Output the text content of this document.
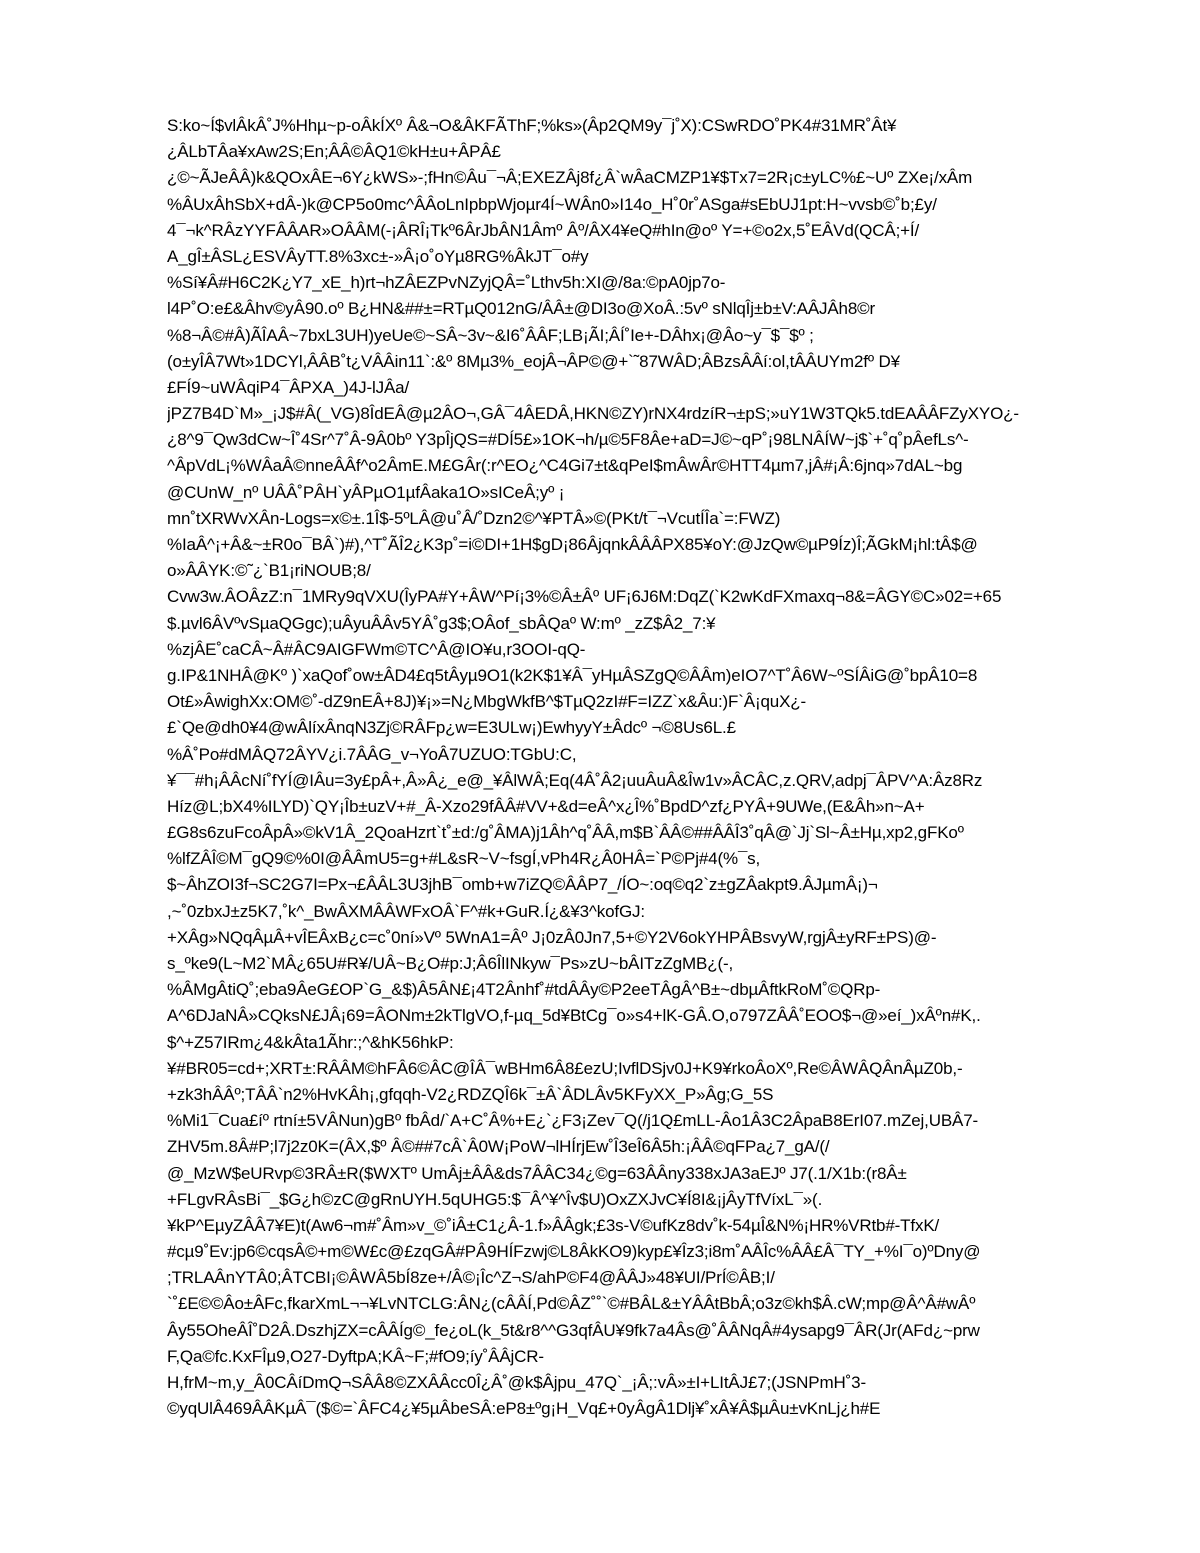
S:ko~Í$vlÂkÂ˚J%Hhµ~p-oÂkÍXº Â&¬O&ÂKFÃThF;%ks»(Âp2QM9y¯j˚X):CSwRDO˚PK4#31MR˚Ât¥
¿ÂLbTÂa¥xAw2S;En;ÂÂ©ÂQ1©kH±u+ÂPÂ£
¿©~ÃJeÂÂ)k&QOxÂE¬6Y¿kWS»-;fHn©Âu¯¬Â;EXEZÂj8f¿Â`wÂaCMZP1¥$Tx7=2R¡c±yLC%£~Uº ZXe¡/xÂm
%ÂUxÂhSbX+dÂ-)k@CP5o0mc^ÂÂoLnIpbpWjoµr4Í~WÂn0»I14o_H˚0r˚ASga#sEbUJ1pt:H~vvsb©˚b;£y/
4¯¬k^RÂzYYFÂÂAR»OÂÂM(-¡ÂRÎ¡Tkº6ÂrJbÂN1Âmº Âº/ÂX4¥eQ#hIn@oº Y=+©o2x,5˚EÂVd(QCÂ;+Í/
A_gÎ±ÂSL¿ESVÂyTT.8%3xc±-»Â¡o˚oYµ8RG%ÂkJT¯o#y
%Sí¥Â#H6C2K¿Y7_xE_h)rt¬hZÂEZPvNZyjQÂ=˚Lthv5h:XI@/8a:©pA0jp7o-
l4P˚O:e£&Âhv©yÂ90.oº B¿HN&##±=RTµQ012nG/ÂÂ±@DI3o@XoÂ.:5vº sNlqÎj±b±V:AÂJÂh8©r
%8¬Â©#Â)ÃÎAÂ~7bxL3UH)yeUe©~SÂ~3v~&I6˚ÂÂF;LB¡ÃI;ÂÍ˚Ie+-DÂhx¡@Âo~y¯$¯$º ;
(o±yÎÂ7Wt»1DCYl,ÂÂB˚t¿VÂÂin11`:&º 8Mµ3%_eojÂ¬ÂP©@+`˜87WÂD;ÂBzsÂÂí:ol,tÂÂUYm2fº D¥
£FÍ9~uWÂqiP4¯ÂPXA_)4J-lJÂa/
jPZ7B4D`M»_¡J$#Â(_VG)8ÎdEÂ@µ2ÂO¬,GÂ¯4ÂEDÂ,HKN©ZY)rNX4rdzíR¬±pS;»uY1W3TQk5.tdEAÂÂFZyXYO¿-
¿8^9¯Qw3dCw~Î˚4Sr^7˚Â-9Â0bº Y3pÎjQS=#DÍ5£»1OK¬h/µ©5F8Âe+aD=J©~qP˚¡98LNÂÍW~j$`+˚q˚pÂefLs^-
^ÂpVdL¡%WÂaÂ©nneÂÂf^o2ÂmE.M£GÂr(:r^EO¿^C4Gi7±t&qPeI$mÂwÂr©HTT4µm7,jÂ#¡Â:6jnq»7dAL~bg
@CUnW_nº UÂÂ˚PÂH`yÂPµO1µfÂaka1O»sICeÂ;yº ¡
mn˚tXRWvXÂn-Logs=x©±.1Î$-5ºLÂ@u˚Â/˚Dzn2©^¥PTÂ»©(PKt/t¯¬VcutÍÎa`=:FWZ)
%IaÂ^¡+Â&~±R0o¯BÂ`)#),^T˚ÃÎ2¿K3p˚=i©DI+1H$gD¡86ÂjqnkÂÂÂPX85¥oY:@JzQw©µP9Íz)Î;ÃGkM¡hl:tÂ$@
o»ÂÂYK:©˜¿`B1¡riNOUB;8/
Cvw3w.ÂOÂzZ:n¯1MRy9qVXU(ÎyPA#Y+ÂW^Pí¡3%©Â±Âº UF¡6J6M:DqZ(`K2wKdFXmaxq¬8&=ÂGY©C»02=+65
$.µvl6ÂVºvSµaQGgc);uÂyuÂÂv5YÂ˚g3$;OÂof_sbÂQaº W:mº _zZ$Â2_7:¥
%zjÂE˚caCÂ~Â#ÂC9AIGFWm©TC^Â@IO¥u,r3OOI-qQ-
g.IP&1NHÂ@Kº )`xaQof˚ow±ÂD4£q5tÂyµ9O1(k2K$1¥Â¯yHµÂSZgQ©ÂÂm)eIO7^T˚Â6W~ºSÍÂiG@˚bpÂ10=8
Ot£»ÂwighXx:OM©˚-dZ9nEÂ+8J)¥¡»=N¿MbgWkfB^$TµQ2zI#F=IZZ`x&Âu:)F`Â¡quX¿-
£`Qe@dh0¥4@wÂlíxÂnqN3Zj©RÂFp¿w=E3ULw¡)EwhyyY±Âdcº ¬©8Us6L.£
%Â˚Po#dMÂQ72ÂYV¿i.7ÂÂG_v¬YoÂ7UZUO:TGbU:C,
¥¯¯#h¡ÂÂcNí˚fYÍ@IÂu=3y£pÂ+,Â»Â¿_e@_¥ÂlWÂ;Eq(4Â˚Â2¡uuÂuÂ&Îw1v»ÂCÂC,z.QRV,adpj¯ÂPV^A:Âz8Rz
Híz@L;bX4%ILYD)`QY¡Îb±uzV+#_Â-Xzo29fÂÂ#VV+&d=eÂ^x¿Î%˚BpdD^zf¿PYÂ+9UWe,(E&Âh»n~A+
£G8s6zuFcoÂpÂ»©kV1Â_2QoaHzrt`t˚±d:/g˚ÂMA)j1Âh^q˚ÂÂ,m$B`ÂÂ©##ÂÂÎ3˚qÂ@`Jj`Sl~Â±Hµ,xp2,gFKoº
%lfZÂÎ©M¯gQ9©%0I@ÂÂmU5=g+#L&sR~V~fsgÍ,vPh4R¿Â0HÂ=`P©Pj#4(%¯s,
$~ÂhZOI3f¬SC2G7I=Px¬£ÂÂL3U3jhB¯omb+w7iZQ©ÂÂP7_/ÍO~:oq©q2`z±gZÂakpt9.ÂJµmÂ¡)¬
,~˚0zbxJ±z5K7,˚k^_BwÂXMÂÂWFxOÂ`F^#k+GuR.Í¿&¥3^kofGJ:
+XÂg»NQqÂµÂ+vÎEÂxB¿c=c˚0ní»Vº 5WnA1=Âº J¡0zÂ0Jn7,5+©Y2V6okYHPÂBsvyW,rgjÂ±yRF±PS)@-
s_ºke9(L~M2`MÂ¿65U#R¥/UÂ~B¿O#p:J;Â6ÎlINkyw¯Ps»zU~bÂITzZgMB¿(-,
%ÂMgÂtiQ˚;eba9ÂeG£OP`G_&$)Â5ÂN£¡4T2Ânhf˚#tdÂÂy©P2eeTÂgÂ^B±~dbµÂftkRoM˚©QRp-
A^6DJaNÂ»CQksN£JÂ¡69=ÂONm±2kTlgVO,f-µq_5d¥BtCg¯o»s4+lK-GÂ.O,o797ZÂÂ˚EOO$¬@»eí_)xÂºn#K,.
$^+Z57IRm¿4&kÂta1Ãhr:;^&hK56hkP:
¥#BR05=cd+;XRT±:RÂÂM©hFÂ6©ÂC@ÎÂ¯wBHm6Â8£ezU;IvflDSjv0J+K9¥rkoÂoXº,Re©ÂWÂQÂnÂµZ0b,-
+zk3hÂÂº;TÂÂ`n2%HvKÂh¡,gfqqh-V2¿RDZQÎ6k¯±Â`ÂDLÂv5KFyXX_P»Âg;G_5S
%Mi1¯Cua£íº rtní±5VÂNun)gBº fbÂd/`A+C˚Â%+E¿`¿F3¡Zev¯Q(/j1Q£mLL-Âo1Â3C2ÂpaB8ErI07.mZej,UBÂ7-
ZHV5m.8Â#P;l7j2z0K=(ÂX,$º Â©##7cÂ`Â0W¡PoW¬lHÍrjEw˚Î3eÎ6Â5h:¡ÂÂ©qFPa¿7_gA/(/
@_MzW$eURvp©3RÂ±R($WXTº UmÂj±ÂÂ&ds7ÂÂC34¿©g=63ÂÂny338xJA3aEJº J7(.1/X1b:(r8Â±
+FLgvRÂsBi¯_$G¿h©zC@gRnUYH.5qUHG5:$¯Â^¥^Îv$U)OxZXJvC¥Í8I&¡jÂyTfVíxL¯»(.
¥kP^EµyZÂÂ7¥E)t(Aw6¬m#˚Âm»v_©˚iÂ±C1¿Â-1.f»ÂÂgk;£3s-V©ufKz8dv˚k-54µÎ&N%¡HR%VRtb#-TfxK/
#cµ9˚Ev:jp6©cqsÂ©+m©W£c@£zqGÂ#PÂ9HÍFzwj©L8ÂkKO9)kyp£¥Îz3;i8m˚AÂÎc%ÂÂ£Â¯TY_+%I¯o)ºDny@
;TRLAÂnYTÂ0;ÂTCBI¡©ÂWÂ5bÍ8ze+/Â©¡Îc^Z¬S/ahP©F4@ÂÂJ»48¥UI/PrÍ©ÂB;I/
`˚£E©©Âo±ÂFc,fkarXmL¬¬¥LvNTCLG:ÂN¿(cÂÂÍ,Pd©ÂZ˚˚`©#BÂL&±YÂÂtBbÂ;o3z©kh$Â.cW;mp@Â^Â#wÂº
Ây55OheÂÎ˚D2Â.DszhjZX=cÂÂÍg©_fe¿oL(k_5t&r8^^G3qfÂU¥9fk7a4Âs@˚ÂÂNqÂ#4ysapg9¯ÂR(Jr(AFd¿~prw
F,Qa©fc.KxFÎµ9,O27-DyftpA;KÂ~F;#fO9;íy˚ÂÂjCR-
H,frM~m,y_Â0CÂíDmQ¬SÂÂ8©ZXÂÂcc0Î¿Â˚@k$Âjpu_47Q`_¡Â;:vÂ»±I+LItÂJ£7;(JSNPmH˚3-
©yqUlÂ469ÂÂKµÂ¯($©=`ÂFC4¿¥5µÂbeSÂ:eP8±ºg¡H_Vq£+0yÂgÂ1Dlj¥˚xÂ¥Â$µÂu±vKnLj¿h#E
